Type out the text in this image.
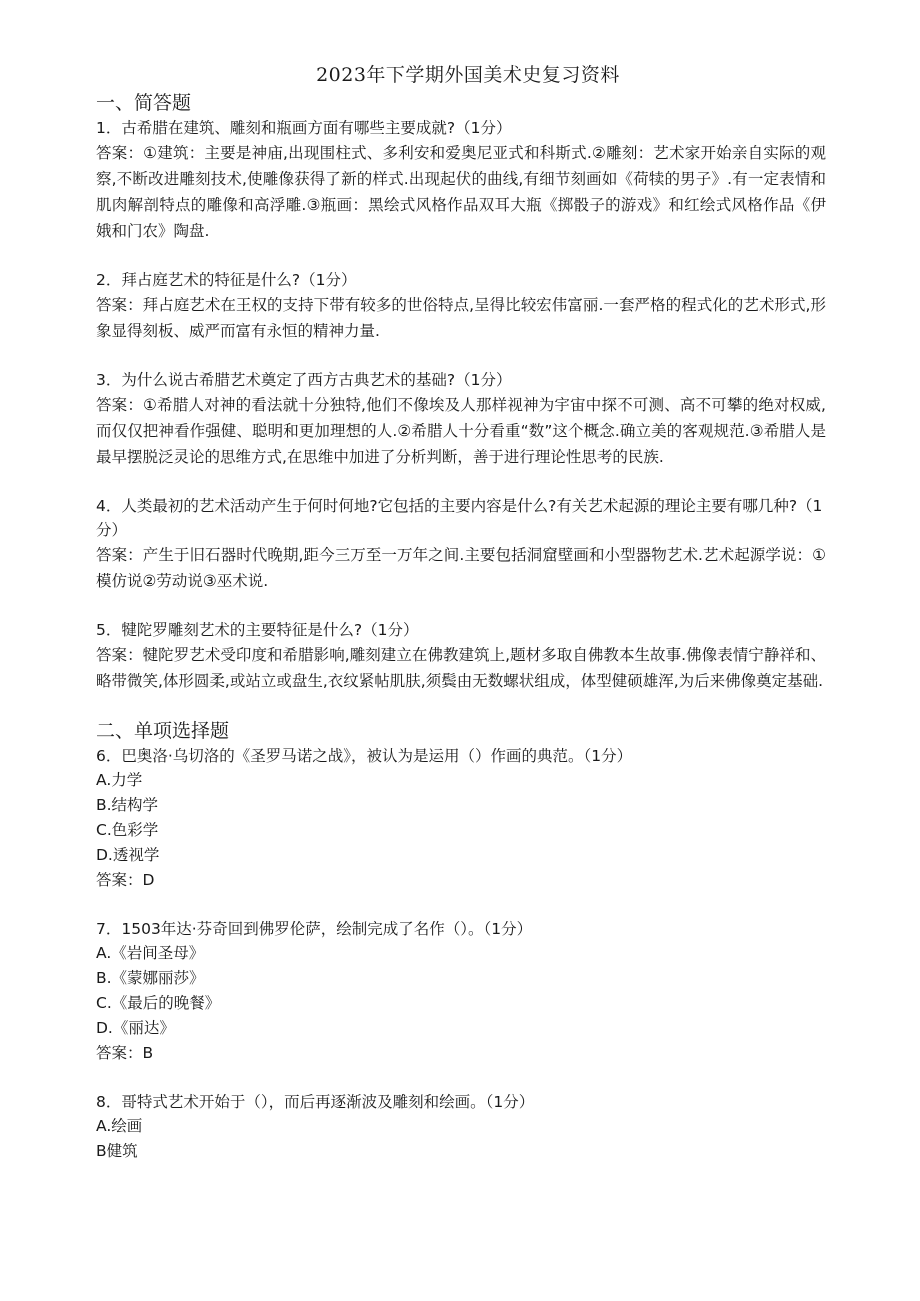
2023年下学期外国美术史复习资料
一、简答题

1．古希腊在建筑、雕刻和瓶画方面有哪些主要成就?（1分）

答案：①建筑：主要是神庙,出现围柱式、多利安和爱奥尼亚式和科斯式.②雕刻：艺术家开始亲自实际的观察,不断改进雕刻技术,使雕像获得了新的样式.出现起伏的曲线,有细节刻画如《荷犊的男子》.有一定表情和肌肉解剖特点的雕像和高浮雕.③瓶画：黑绘式风格作品双耳大瓶《掷骰子的游戏》和红绘式风格作品《伊娥和门农》陶盘.

2．拜占庭艺术的特征是什么?（1分）

答案：拜占庭艺术在王权的支持下带有较多的世俗特点,呈得比较宏伟富丽.一套严格的程式化的艺术形式,形象显得刻板、威严而富有永恒的精神力量.

3．为什么说古希腊艺术奠定了西方古典艺术的基础?（1分）

答案：①希腊人对神的看法就十分独特,他们不像埃及人那样视神为宇宙中探不可测、高不可攀的绝对权威,而仅仅把神看作强健、聪明和更加理想的人.②希腊人十分看重“数”这个概念.确立美的客观规范.③希腊人是最早摆脱泛灵论的思维方式,在思维中加进了分析判断，善于进行理论性思考的民族.

4．人类最初的艺术活动产生于何时何地?它包括的主要内容是什么?有关艺术起源的理论主要有哪几种?（1分）

答案：产生于旧石器时代晚期,距今三万至一万年之间.主要包括洞窟壁画和小型器物艺术.艺术起源学说：①模仿说②劳动说③巫术说.

5．犍陀罗雕刻艺术的主要特征是什么?（1分）

答案：犍陀罗艺术受印度和希腊影响,雕刻建立在佛教建筑上,题材多取自佛教本生故事.佛像表情宁静祥和、略带微笑,体形圆柔,或站立或盘生,衣纹紧帖肌肤,须鬓由无数螺状组成，体型健硕雄浑,为后来佛像奠定基础.

二、单项选择题

6．巴奥洛·乌切洛的《圣罗马诺之战》，被认为是运用（）作画的典范。（1分）

A.力学

B.结构学

C.色彩学

D.透视学

答案：D

7．1503年达·芬奇回到佛罗伦萨，绘制完成了名作（）。（1分）

A.《岩间圣母》

B.《蒙娜丽莎》

C.《最后的晚餐》

D.《丽达》

答案：B

8．哥特式艺术开始于（），而后再逐渐波及雕刻和绘画。（1分）

A.绘画

B健筑
